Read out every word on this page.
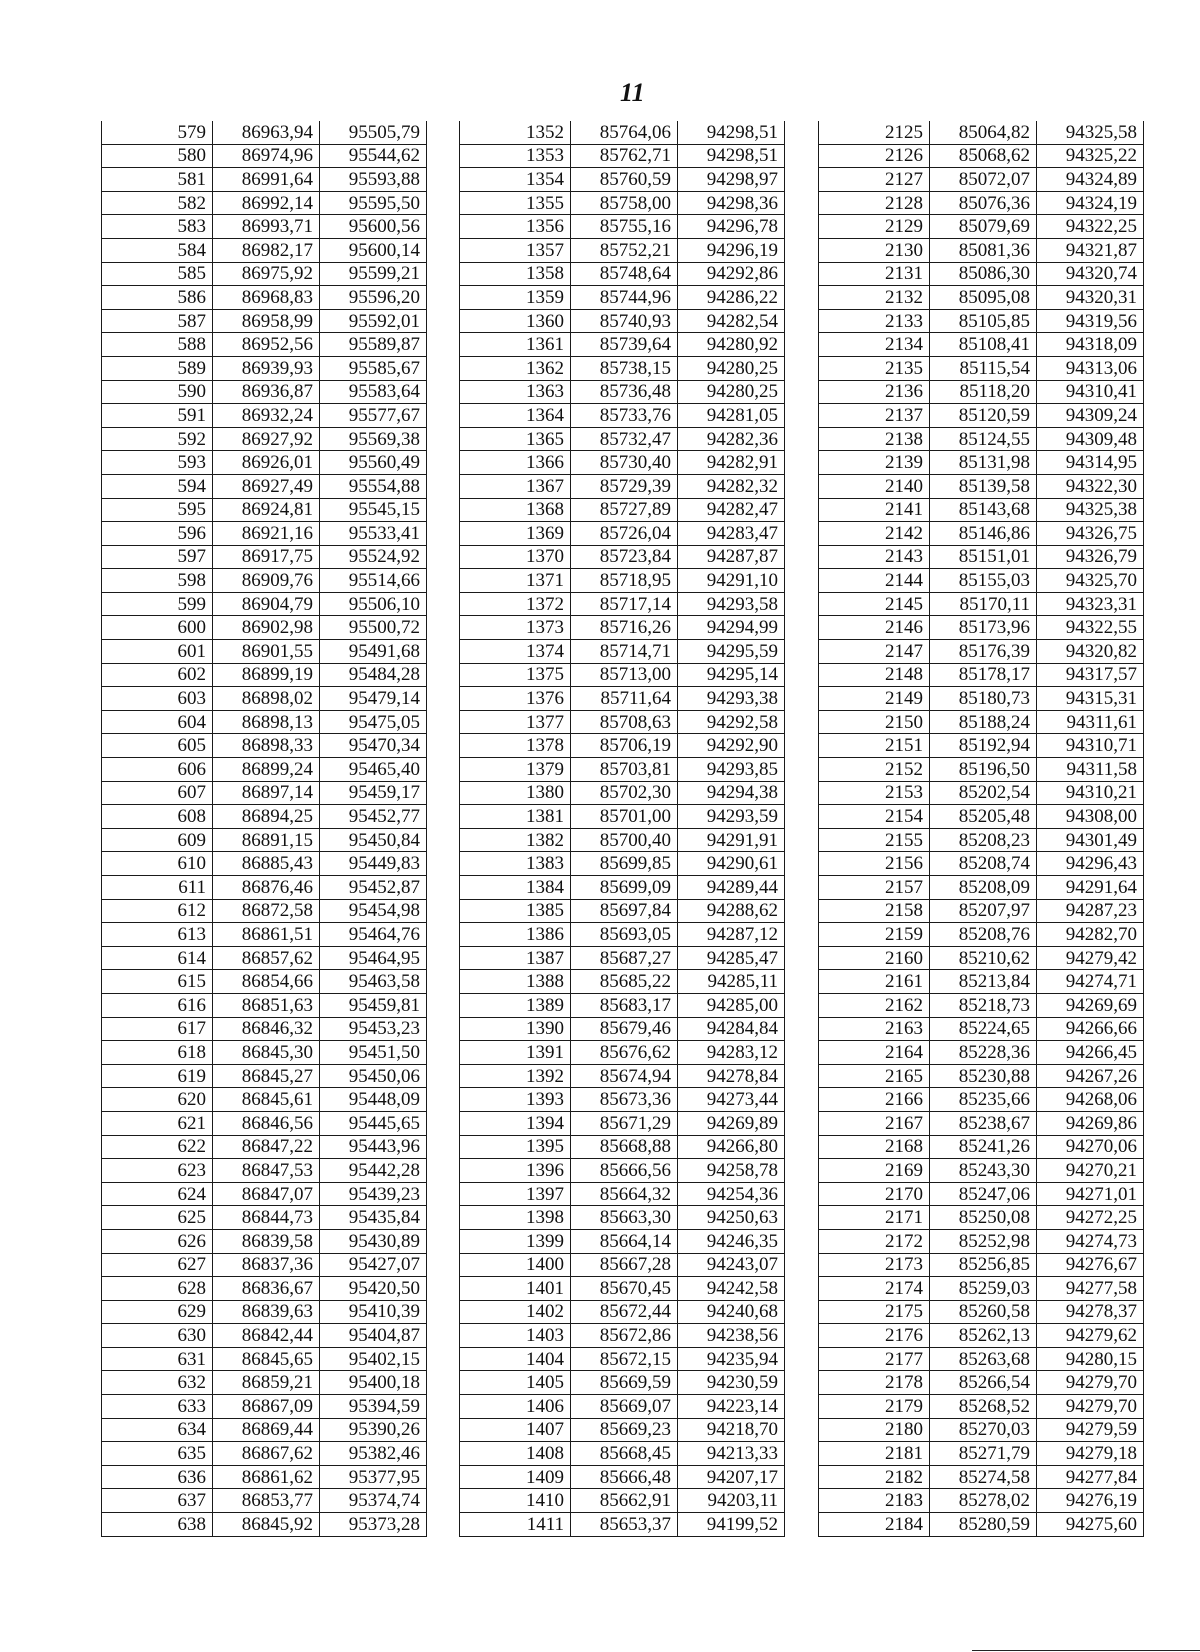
11
579	86963,94	95505,79
580	86974,96	95544,62
581	86991,64	95593,88
582	86992,14	95595,50
583	86993,71	95600,56
584	86982,17	95600,14
585	86975,92	95599,21
586	86968,83	95596,20
587	86958,99	95592,01
588	86952,56	95589,87
589	86939,93	95585,67
590	86936,87	95583,64
591	86932,24	95577,67
592	86927,92	95569,38
593	86926,01	95560,49
594	86927,49	95554,88
595	86924,81	95545,15
596	86921,16	95533,41
597	86917,75	95524,92
598	86909,76	95514,66
599	86904,79	95506,10
600	86902,98	95500,72
601	86901,55	95491,68
602	86899,19	95484,28
603	86898,02	95479,14
604	86898,13	95475,05
605	86898,33	95470,34
606	86899,24	95465,40
607	86897,14	95459,17
608	86894,25	95452,77
609	86891,15	95450,84
610	86885,43	95449,83
611	86876,46	95452,87
612	86872,58	95454,98
613	86861,51	95464,76
614	86857,62	95464,95
615	86854,66	95463,58
616	86851,63	95459,81
617	86846,32	95453,23
618	86845,30	95451,50
619	86845,27	95450,06
620	86845,61	95448,09
621	86846,56	95445,65
622	86847,22	95443,96
623	86847,53	95442,28
624	86847,07	95439,23
625	86844,73	95435,84
626	86839,58	95430,89
627	86837,36	95427,07
628	86836,67	95420,50
629	86839,63	95410,39
630	86842,44	95404,87
631	86845,65	95402,15
632	86859,21	95400,18
633	86867,09	95394,59
634	86869,44	95390,26
635	86867,62	95382,46
636	86861,62	95377,95
637	86853,77	95374,74
638	86845,92	95373,28
1352	85764,06	94298,51
1353	85762,71	94298,51
1354	85760,59	94298,97
1355	85758,00	94298,36
1356	85755,16	94296,78
1357	85752,21	94296,19
1358	85748,64	94292,86
1359	85744,96	94286,22
1360	85740,93	94282,54
1361	85739,64	94280,92
1362	85738,15	94280,25
1363	85736,48	94280,25
1364	85733,76	94281,05
1365	85732,47	94282,36
1366	85730,40	94282,91
1367	85729,39	94282,32
1368	85727,89	94282,47
1369	85726,04	94283,47
1370	85723,84	94287,87
1371	85718,95	94291,10
1372	85717,14	94293,58
1373	85716,26	94294,99
1374	85714,71	94295,59
1375	85713,00	94295,14
1376	85711,64	94293,38
1377	85708,63	94292,58
1378	85706,19	94292,90
1379	85703,81	94293,85
1380	85702,30	94294,38
1381	85701,00	94293,59
1382	85700,40	94291,91
1383	85699,85	94290,61
1384	85699,09	94289,44
1385	85697,84	94288,62
1386	85693,05	94287,12
1387	85687,27	94285,47
1388	85685,22	94285,11
1389	85683,17	94285,00
1390	85679,46	94284,84
1391	85676,62	94283,12
1392	85674,94	94278,84
1393	85673,36	94273,44
1394	85671,29	94269,89
1395	85668,88	94266,80
1396	85666,56	94258,78
1397	85664,32	94254,36
1398	85663,30	94250,63
1399	85664,14	94246,35
1400	85667,28	94243,07
1401	85670,45	94242,58
1402	85672,44	94240,68
1403	85672,86	94238,56
1404	85672,15	94235,94
1405	85669,59	94230,59
1406	85669,07	94223,14
1407	85669,23	94218,70
1408	85668,45	94213,33
1409	85666,48	94207,17
1410	85662,91	94203,11
1411	85653,37	94199,52
2125	85064,82	94325,58
2126	85068,62	94325,22
2127	85072,07	94324,89
2128	85076,36	94324,19
2129	85079,69	94322,25
2130	85081,36	94321,87
2131	85086,30	94320,74
2132	85095,08	94320,31
2133	85105,85	94319,56
2134	85108,41	94318,09
2135	85115,54	94313,06
2136	85118,20	94310,41
2137	85120,59	94309,24
2138	85124,55	94309,48
2139	85131,98	94314,95
2140	85139,58	94322,30
2141	85143,68	94325,38
2142	85146,86	94326,75
2143	85151,01	94326,79
2144	85155,03	94325,70
2145	85170,11	94323,31
2146	85173,96	94322,55
2147	85176,39	94320,82
2148	85178,17	94317,57
2149	85180,73	94315,31
2150	85188,24	94311,61
2151	85192,94	94310,71
2152	85196,50	94311,58
2153	85202,54	94310,21
2154	85205,48	94308,00
2155	85208,23	94301,49
2156	85208,74	94296,43
2157	85208,09	94291,64
2158	85207,97	94287,23
2159	85208,76	94282,70
2160	85210,62	94279,42
2161	85213,84	94274,71
2162	85218,73	94269,69
2163	85224,65	94266,66
2164	85228,36	94266,45
2165	85230,88	94267,26
2166	85235,66	94268,06
2167	85238,67	94269,86
2168	85241,26	94270,06
2169	85243,30	94270,21
2170	85247,06	94271,01
2171	85250,08	94272,25
2172	85252,98	94274,73
2173	85256,85	94276,67
2174	85259,03	94277,58
2175	85260,58	94278,37
2176	85262,13	94279,62
2177	85263,68	94280,15
2178	85266,54	94279,70
2179	85268,52	94279,70
2180	85270,03	94279,59
2181	85271,79	94279,18
2182	85274,58	94277,84
2183	85278,02	94276,19
2184	85280,59	94275,60
